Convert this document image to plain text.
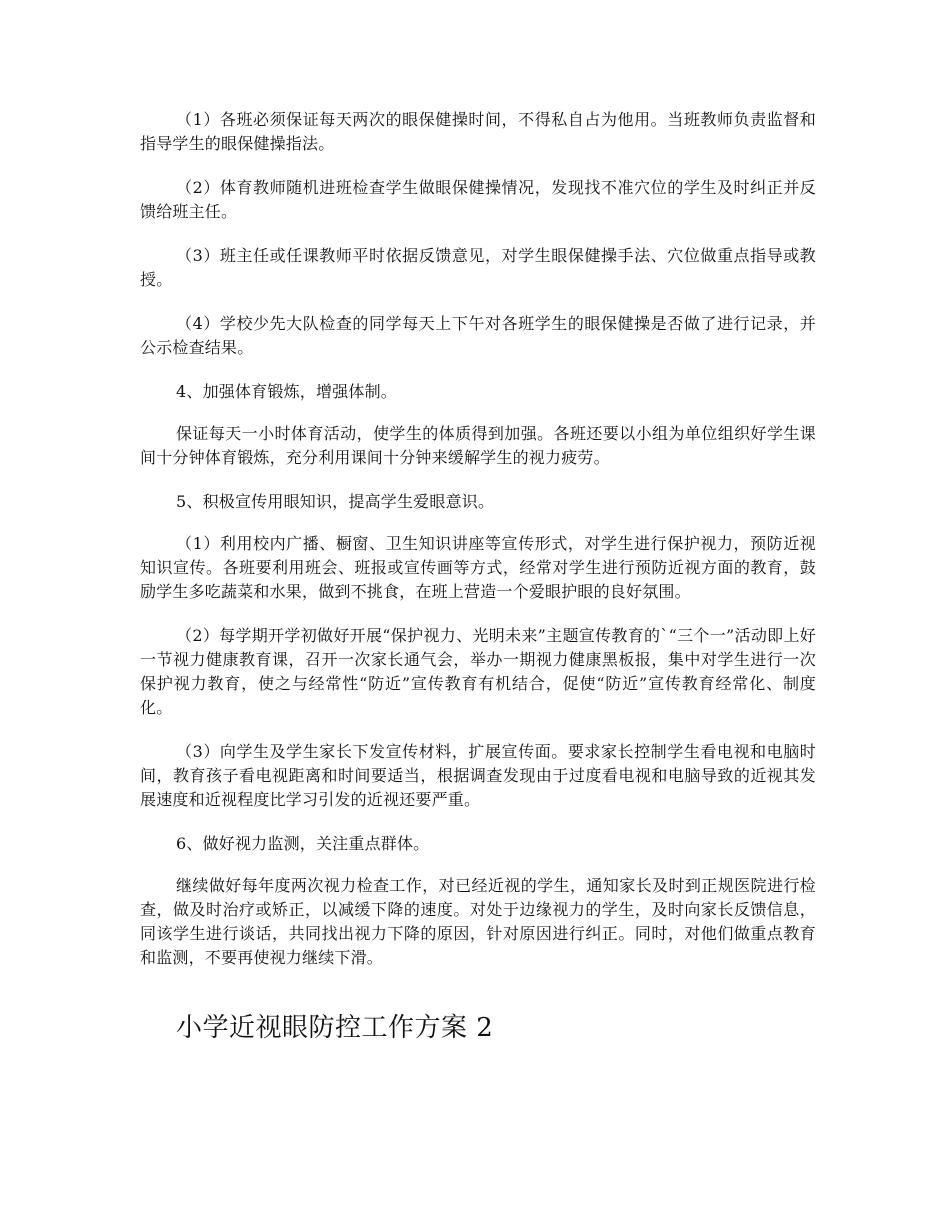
（1）各班必须保证每天两次的眼保健操时间，不得私自占为他用。当班教师负责监督和指导学生的眼保健操指法。

（2）体育教师随机进班检查学生做眼保健操情况，发现找不准穴位的学生及时纠正并反馈给班主任。

（3）班主任或任课教师平时依据反馈意见，对学生眼保健操手法、穴位做重点指导或教授。

（4）学校少先大队检查的同学每天上下午对各班学生的眼保健操是否做了进行记录，并公示检查结果。

4、加强体育锻炼，增强体制。

保证每天一小时体育活动，使学生的体质得到加强。各班还要以小组为单位组织好学生课间十分钟体育锻炼，充分利用课间十分钟来缓解学生的视力疲劳。

5、积极宣传用眼知识，提高学生爱眼意识。

（1）利用校内广播、橱窗、卫生知识讲座等宣传形式，对学生进行保护视力，预防近视知识宣传。各班要利用班会、班报或宣传画等方式，经常对学生进行预防近视方面的教育，鼓励学生多吃蔬菜和水果，做到不挑食，在班上营造一个爱眼护眼的良好氛围。

（2）每学期开学初做好开展“保护视力、光明未来”主题宣传教育的`“三个一”活动即上好一节视力健康教育课，召开一次家长通气会，举办一期视力健康黑板报，集中对学生进行一次保护视力教育，使之与经常性“防近”宣传教育有机结合，促使“防近”宣传教育经常化、制度化。

（3）向学生及学生家长下发宣传材料，扩展宣传面。要求家长控制学生看电视和电脑时间，教育孩子看电视距离和时间要适当，根据调查发现由于过度看电视和电脑导致的近视其发展速度和近视程度比学习引发的近视还要严重。

6、做好视力监测，关注重点群体。

继续做好每年度两次视力检查工作，对已经近视的学生，通知家长及时到正规医院进行检查，做及时治疗或矫正，以减缓下降的速度。对处于边缘视力的学生，及时向家长反馈信息，同该学生进行谈话，共同找出视力下降的原因，针对原因进行纠正。同时，对他们做重点教育和监测，不要再使视力继续下滑。

小学近视眼防控工作方案 2
